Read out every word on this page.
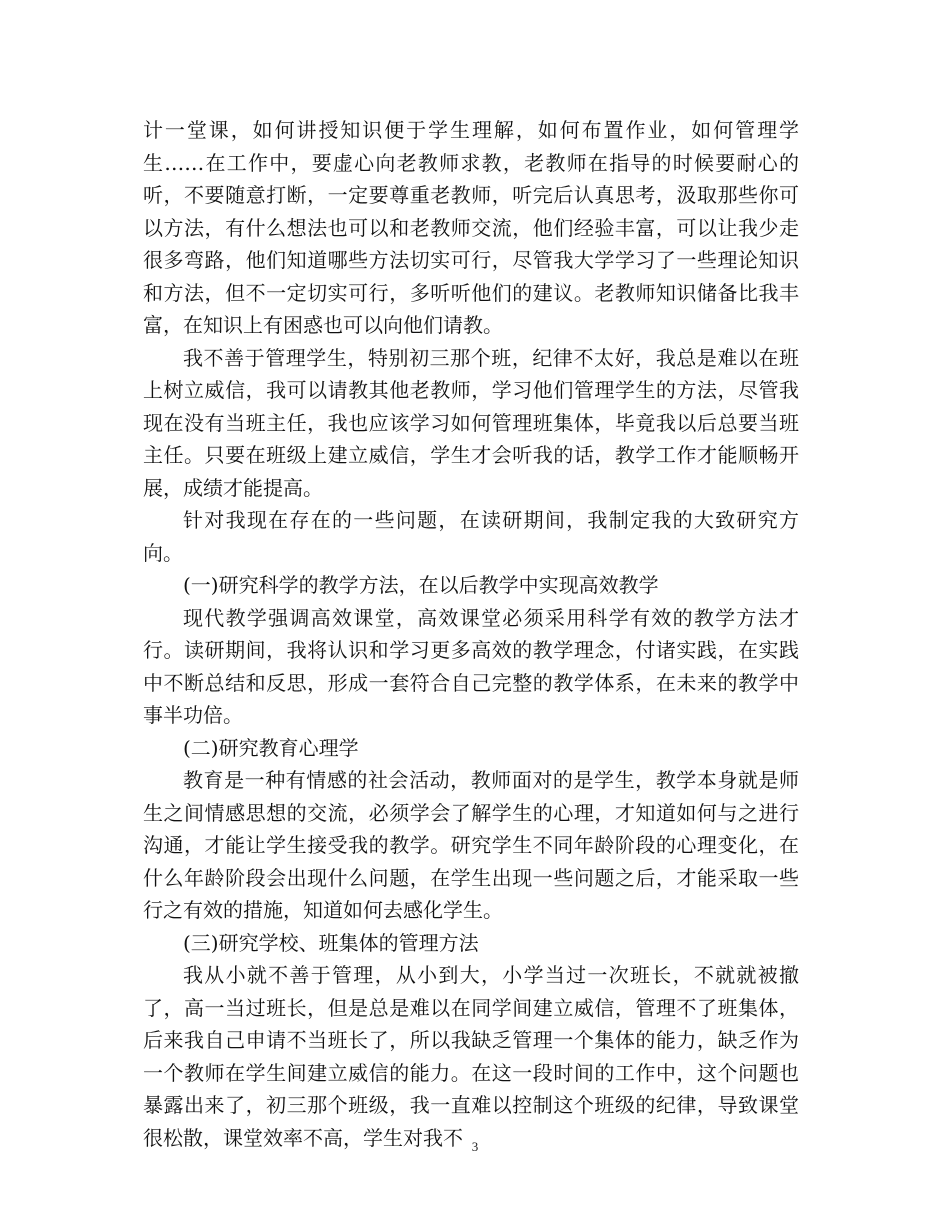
计一堂课，如何讲授知识便于学生理解，如何布置作业，如何管理学生……在工作中，要虚心向老教师求教，老教师在指导的时候要耐心的听，不要随意打断，一定要尊重老教师，听完后认真思考，汲取那些你可以方法，有什么想法也可以和老教师交流，他们经验丰富，可以让我少走很多弯路，他们知道哪些方法切实可行，尽管我大学学习了一些理论知识和方法，但不一定切实可行，多听听他们的建议。老教师知识储备比我丰富，在知识上有困惑也可以向他们请教。

我不善于管理学生，特别初三那个班，纪律不太好，我总是难以在班上树立威信，我可以请教其他老教师，学习他们管理学生的方法，尽管我现在没有当班主任，我也应该学习如何管理班集体，毕竟我以后总要当班主任。只要在班级上建立威信，学生才会听我的话，教学工作才能顺畅开展，成绩才能提高。

针对我现在存在的一些问题，在读研期间，我制定我的大致研究方向。

(一)研究科学的教学方法，在以后教学中实现高效教学

现代教学强调高效课堂，高效课堂必须采用科学有效的教学方法才行。读研期间，我将认识和学习更多高效的教学理念，付诸实践，在实践中不断总结和反思，形成一套符合自己完整的教学体系，在未来的教学中事半功倍。

(二)研究教育心理学

教育是一种有情感的社会活动，教师面对的是学生，教学本身就是师生之间情感思想的交流，必须学会了解学生的心理，才知道如何与之进行沟通，才能让学生接受我的教学。研究学生不同年龄阶段的心理变化，在什么年龄阶段会出现什么问题，在学生出现一些问题之后，才能采取一些行之有效的措施，知道如何去感化学生。

(三)研究学校、班集体的管理方法

我从小就不善于管理，从小到大，小学当过一次班长，不就就被撤了，高一当过班长，但是总是难以在同学间建立威信，管理不了班集体，后来我自己申请不当班长了，所以我缺乏管理一个集体的能力，缺乏作为一个教师在学生间建立威信的能力。在这一段时间的工作中，这个问题也暴露出来了，初三那个班级，我一直难以控制这个班级的纪律，导致课堂很松散，课堂效率不高，学生对我不 3
